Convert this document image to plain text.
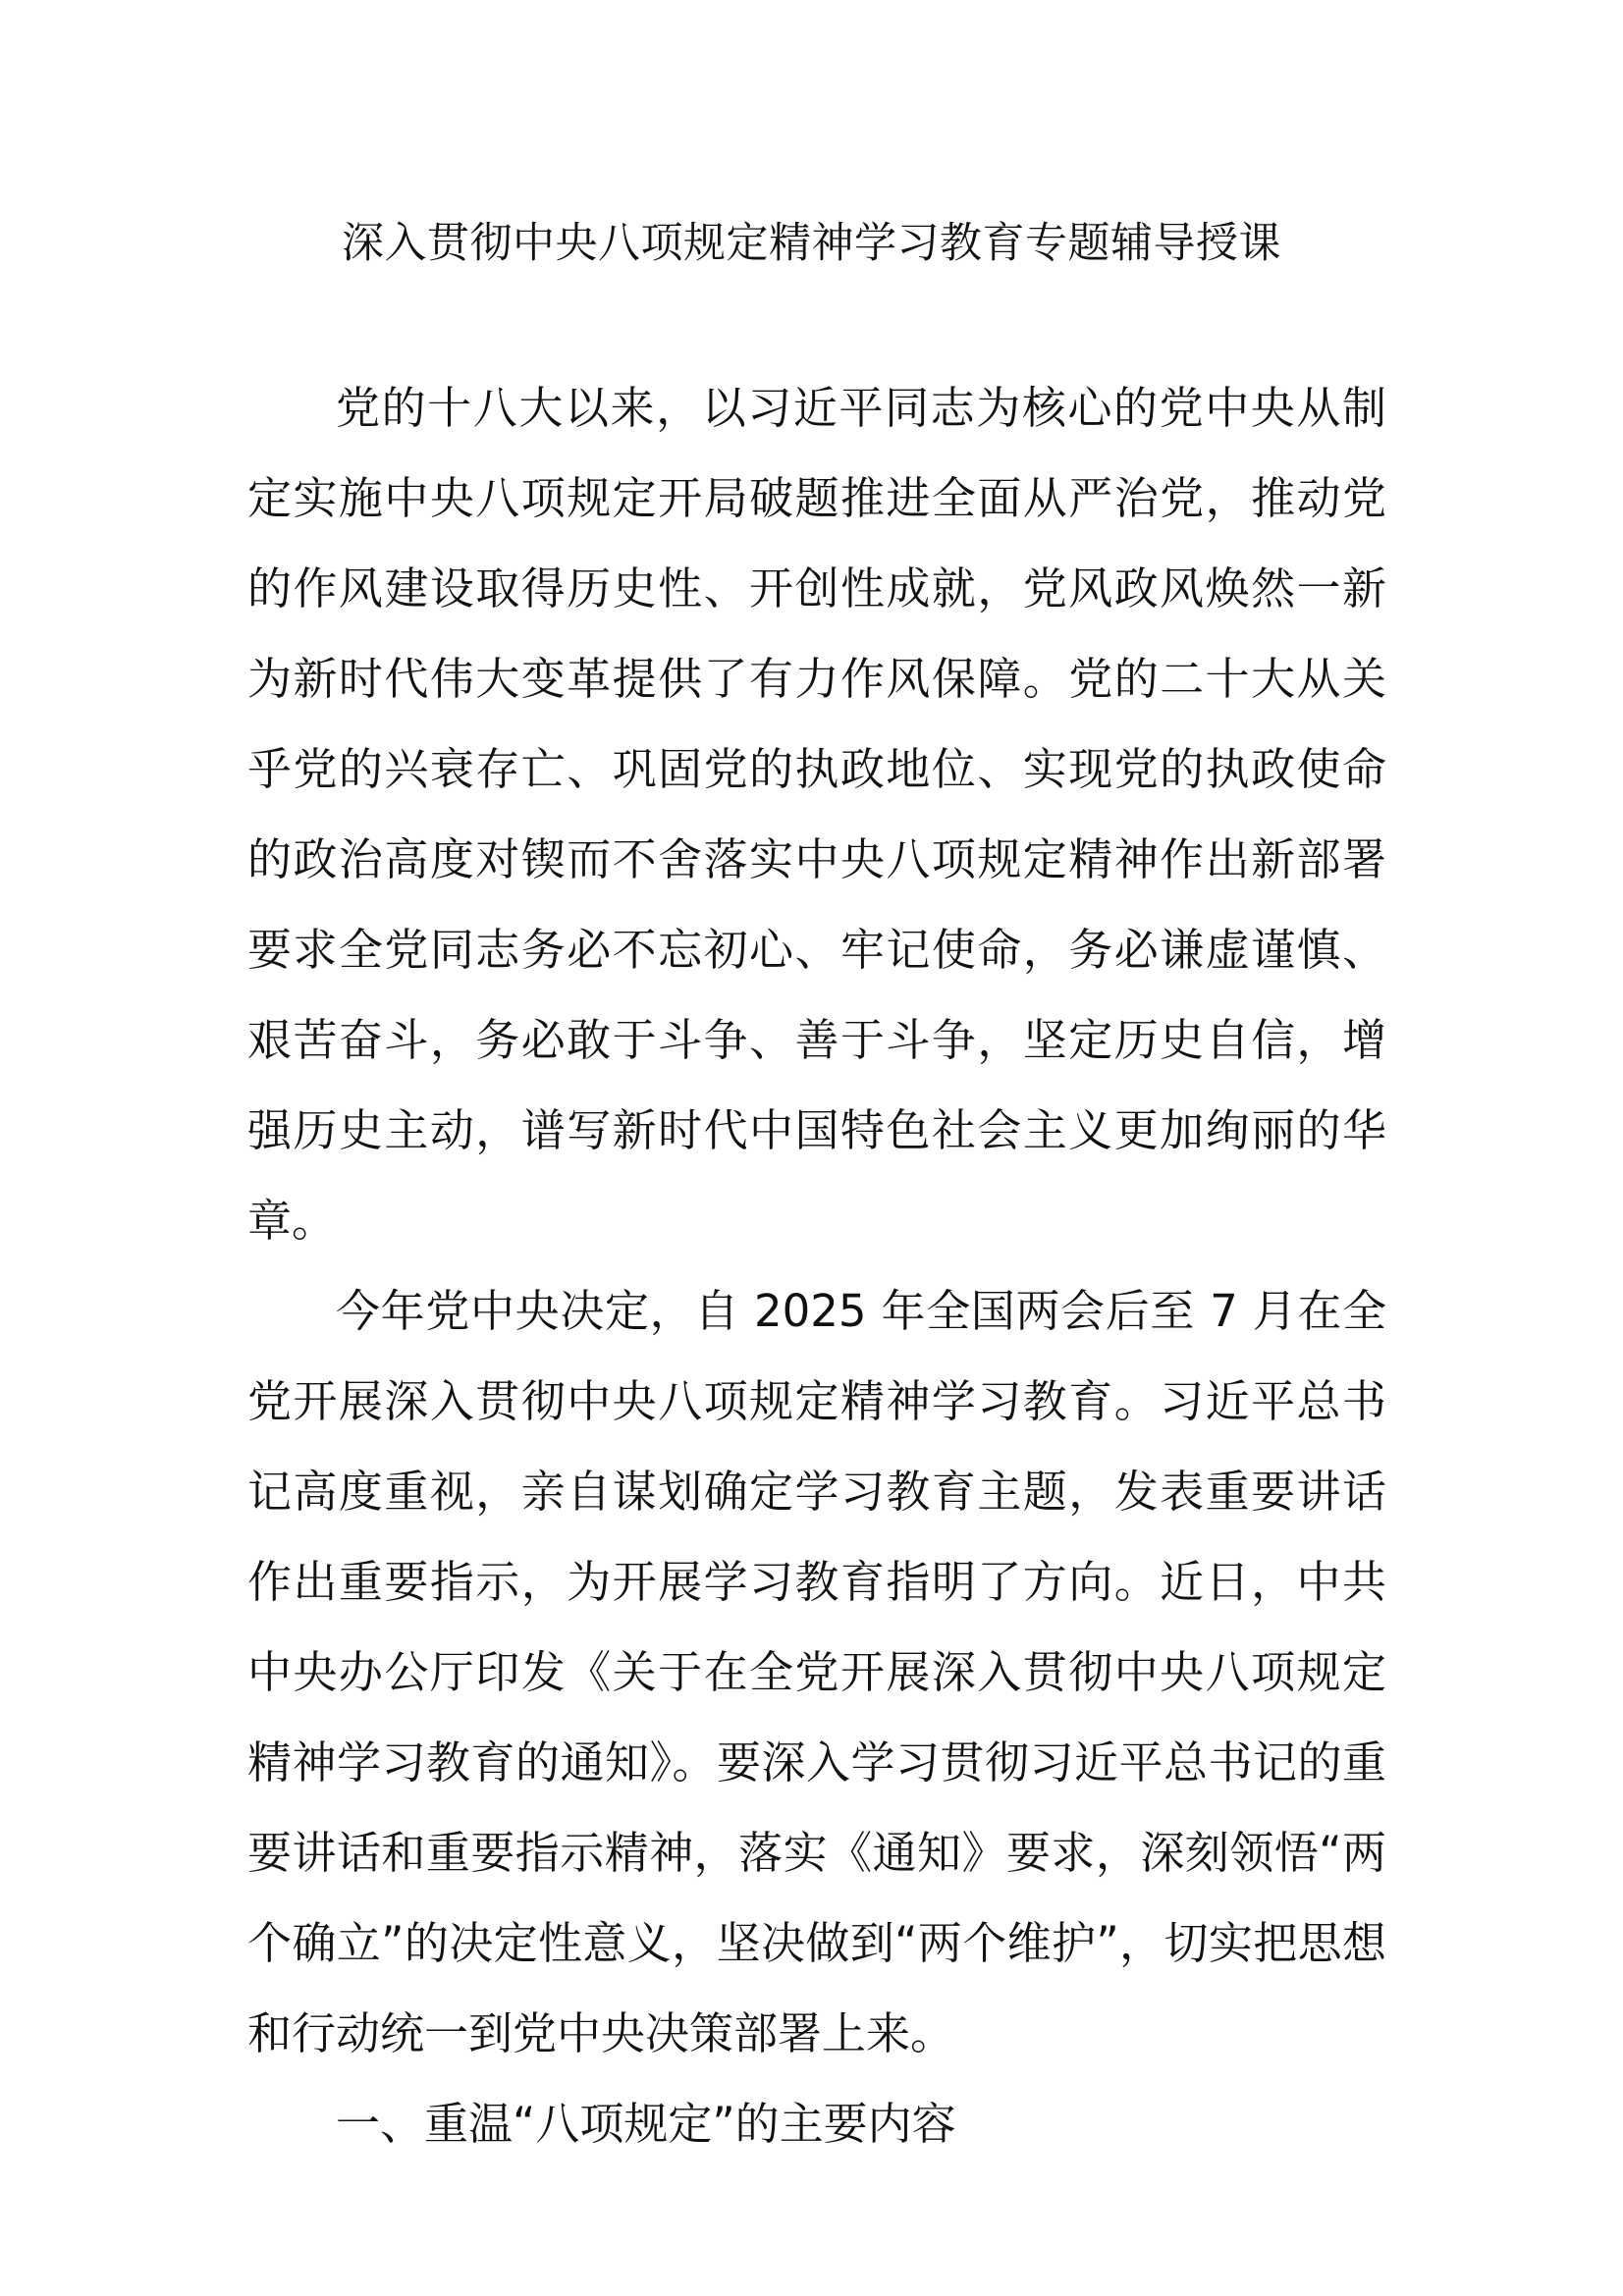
深入贯彻中央八项规定精神学习教育专题辅导授课

党的十八大以来，以习近平同志为核心的党中央从制定实施中央八项规定开局破题推进全面从严治党，推动党的作风建设取得历史性、开创性成就，党风政风焕然一新为新时代伟大变革提供了有力作风保障。党的二十大从关乎党的兴衰存亡、巩固党的执政地位、实现党的执政使命的政治高度对锲而不舍落实中央八项规定精神作出新部署要求全党同志务必不忘初心、牢记使命，务必谦虚谨慎、艰苦奋斗，务必敢于斗争、善于斗争，坚定历史自信，增强历史主动，谱写新时代中国特色社会主义更加绚丽的华章。

今年党中央决定，自 2025 年全国两会后至 7 月在全党开展深入贯彻中央八项规定精神学习教育。习近平总书记高度重视，亲自谋划确定学习教育主题，发表重要讲话作出重要指示，为开展学习教育指明了方向。近日，中共中央办公厅印发《关于在全党开展深入贯彻中央八项规定精神学习教育的通知》。要深入学习贯彻习近平总书记的重要讲话和重要指示精神，落实《通知》要求，深刻领悟“两个确立”的决定性意义，坚决做到“两个维护”，切实把思想和行动统一到党中央决策部署上来。

一、重温“八项规定”的主要内容
